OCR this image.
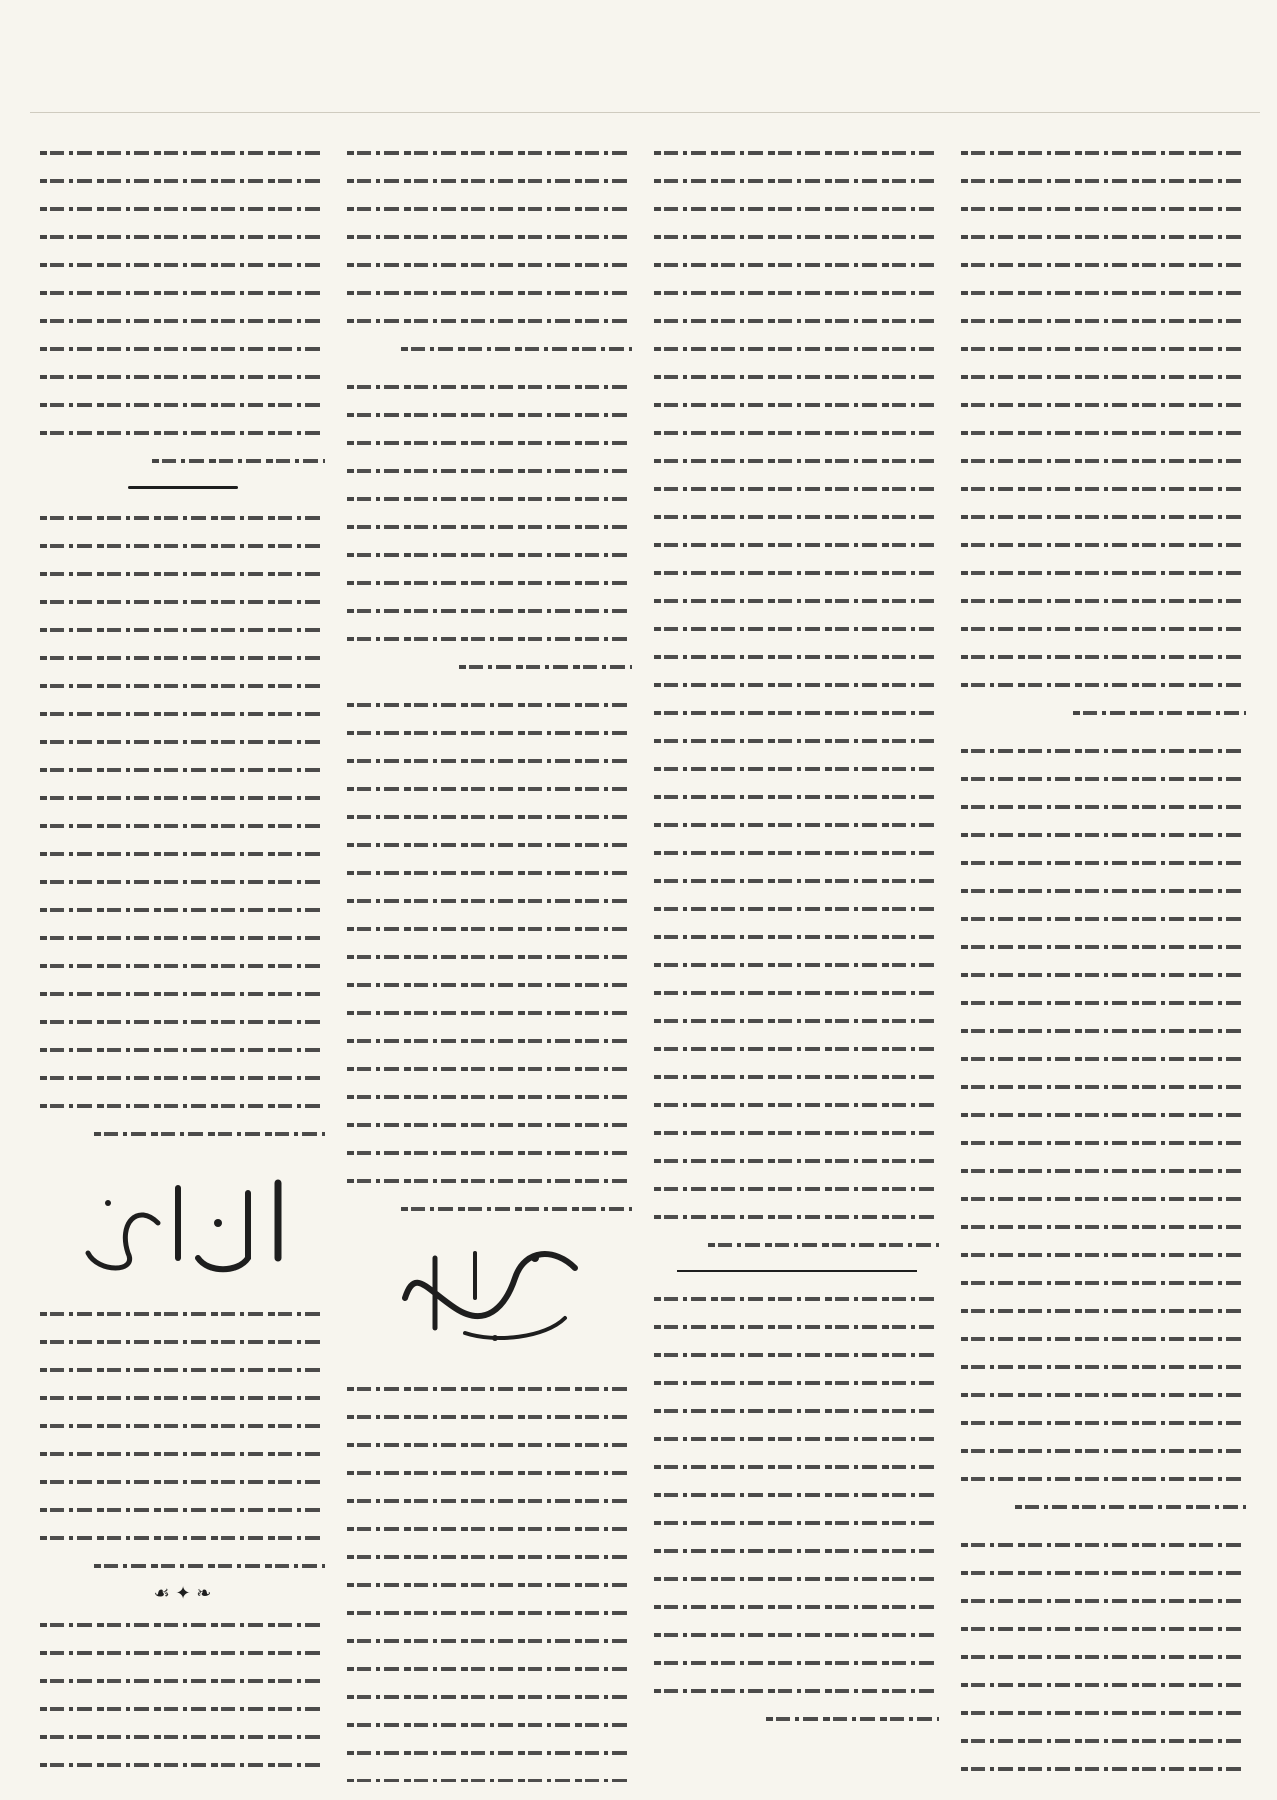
❧ ✦ ☙
